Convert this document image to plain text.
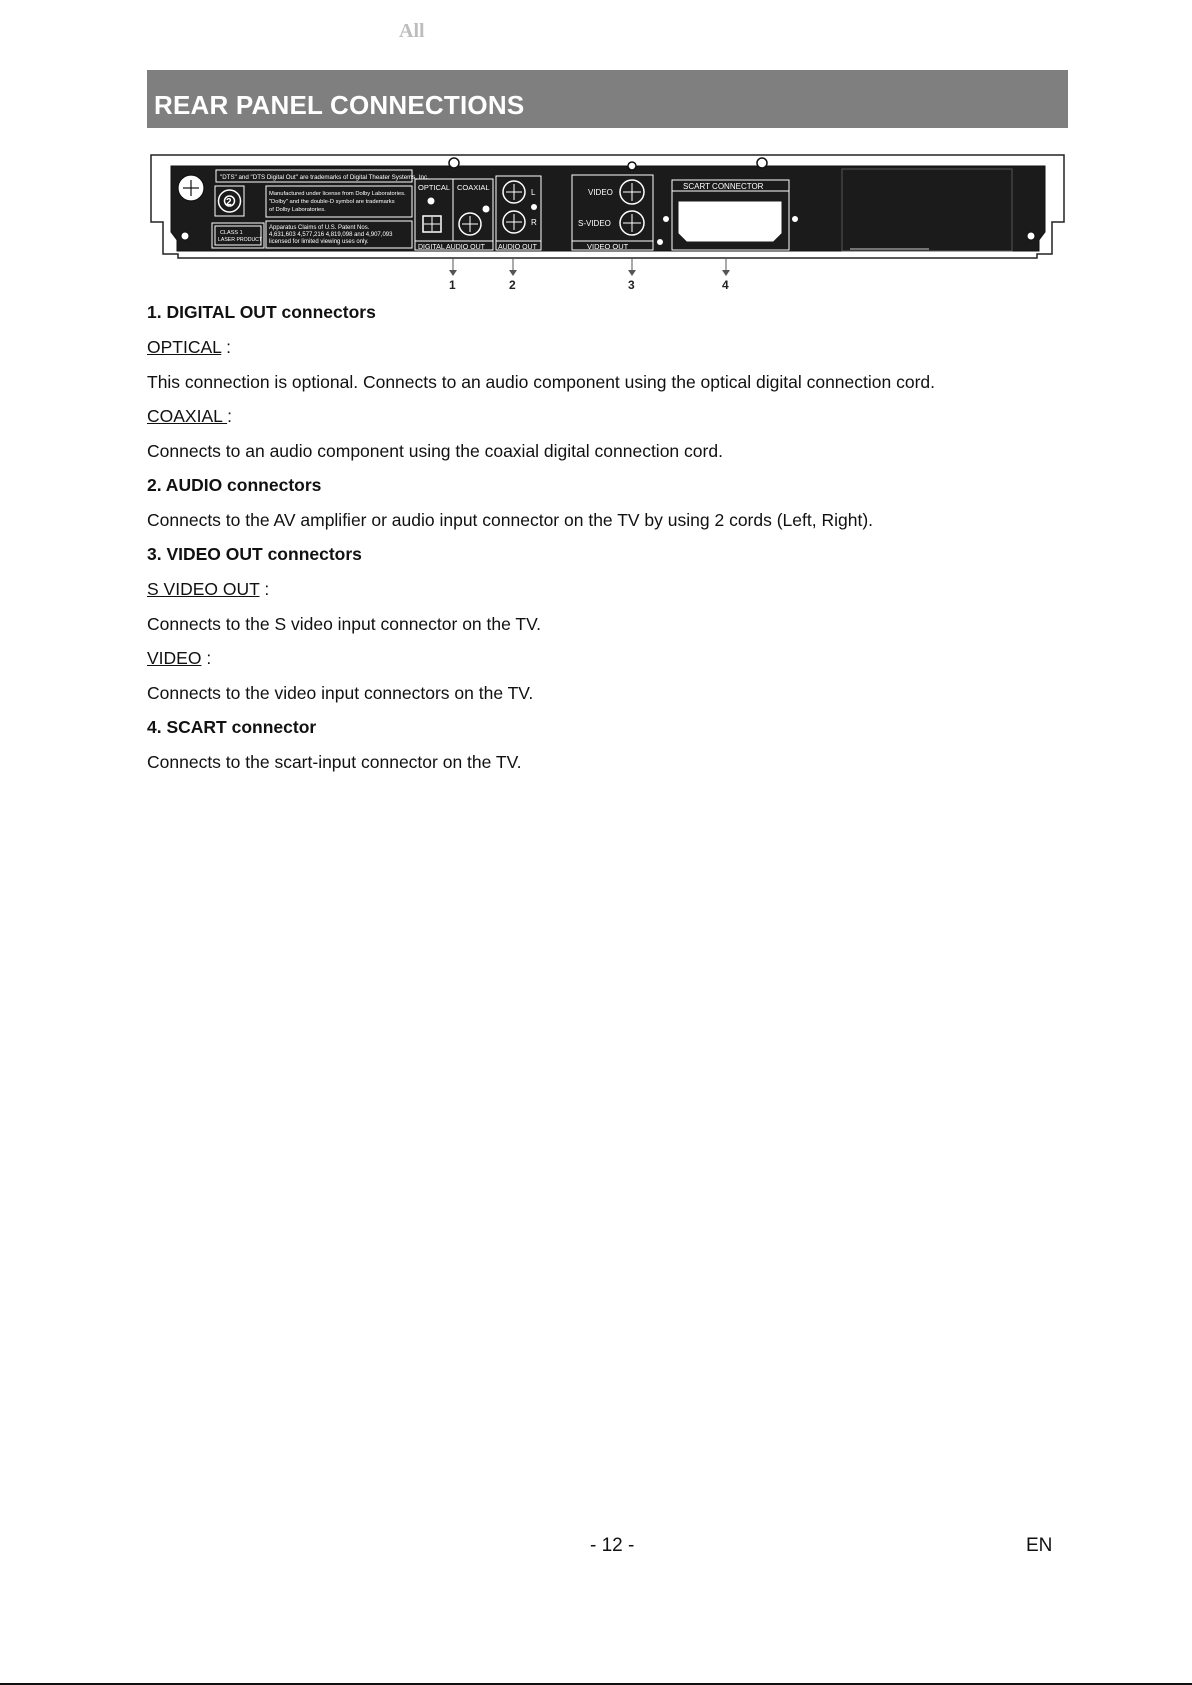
All
REAR PANEL CONNECTIONS
"DTS" and "DTS Digital Out" are trademarks of Digital Theater Systems, Inc.
2
Manufactured under license from Dolby Laboratories.
"Dolby" and the double-D symbol are trademarks
of Dolby Laboratories.
CLASS 1
LASER PRODUCT
Apparatus Claims of U.S. Patent Nos.
4,631,603 4,577,216 4,819,098 and 4,907,093
licensed for limited viewing uses only.
OPTICAL COAXIAL
DIGITAL AUDIO OUT
L
R
AUDIO OUT
VIDEO
S-VIDEO
VIDEO OUT
SCART CONNECTOR
1	2	3	4
1. DIGITAL OUT connectors
OPTICAL :
This connection is optional. Connects to an audio component using the optical digital connection cord.
COAXIAL :
Connects to an audio component using the coaxial digital connection cord.
2. AUDIO connectors
Connects to the AV amplifier or audio input connector on the TV by using 2 cords (Left, Right).
3. VIDEO OUT connectors
S VIDEO OUT :
Connects to the S video input connector on the TV.
VIDEO :
Connects to the video input connectors on the TV.
4. SCART connector
Connects to the scart-input connector on the TV.
- 12 -	EN
